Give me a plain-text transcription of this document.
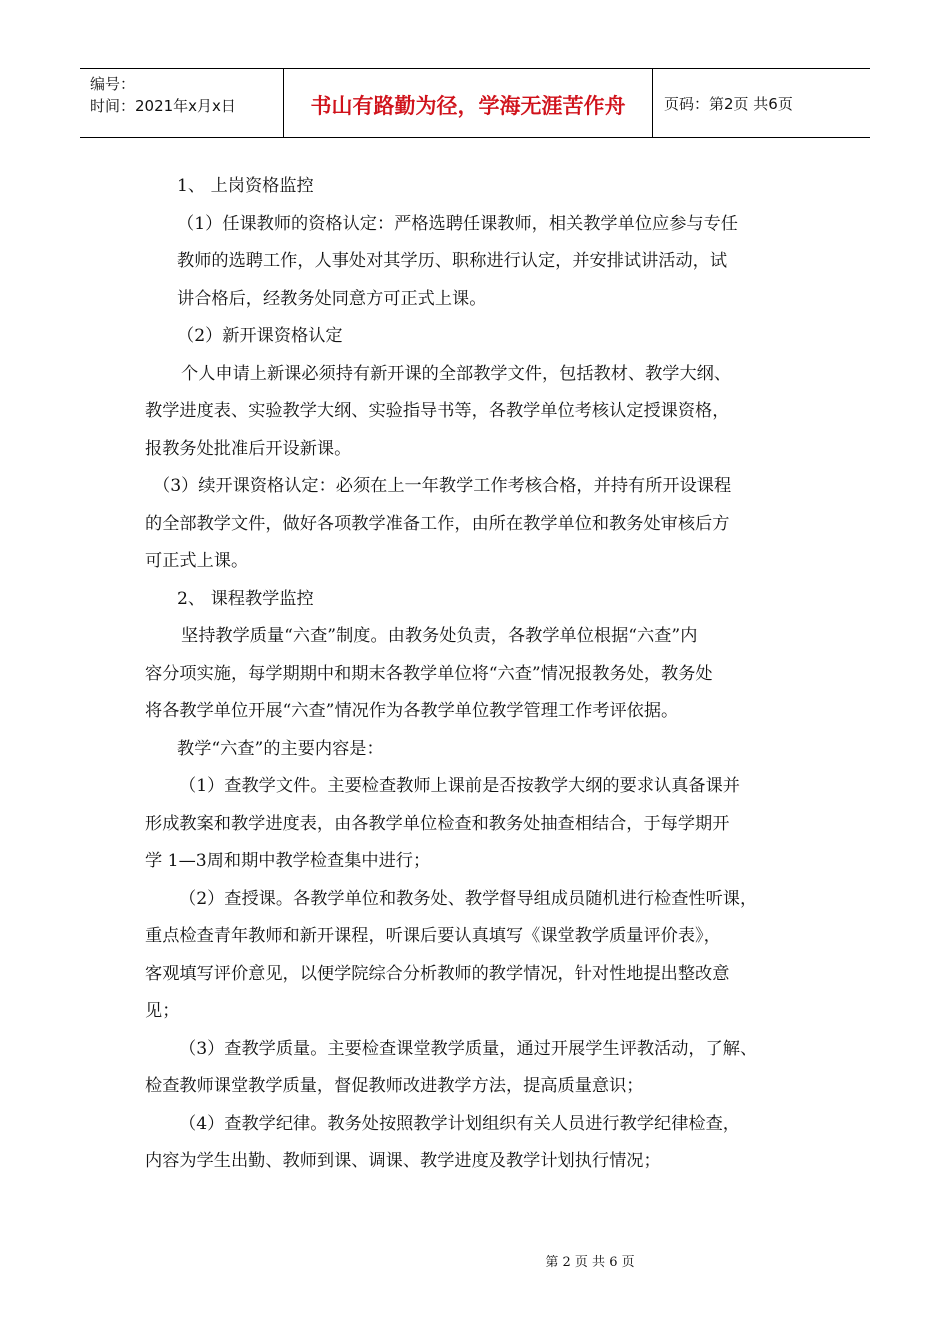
编号：
时间：2021年x月x日	书山有路勤为径，学海无涯苦作舟	页码：第2页 共6页

1、 上岗资格监控

（1）任课教师的资格认定：严格选聘任课教师，相关教学单位应参与专任

教师的选聘工作，人事处对其学历、职称进行认定，并安排试讲活动，试

讲合格后，经教务处同意方可正式上课。

（2）新开课资格认定

个人申请上新课必须持有新开课的全部教学文件，包括教材、教学大纲、

教学进度表、实验教学大纲、实验指导书等，各教学单位考核认定授课资格，

报教务处批准后开设新课。

（3）续开课资格认定：必须在上一年教学工作考核合格，并持有所开设课程

的全部教学文件，做好各项教学准备工作，由所在教学单位和教务处审核后方

可正式上课。

2、 课程教学监控

坚持教学质量“六查”制度。由教务处负责，各教学单位根据“六查”内

容分项实施，每学期期中和期末各教学单位将“六查”情况报教务处，教务处

将各教学单位开展“六查”情况作为各教学单位教学管理工作考评依据。

教学“六查”的主要内容是：

（1）查教学文件。主要检查教师上课前是否按教学大纲的要求认真备课并

形成教案和教学进度表，由各教学单位检查和教务处抽查相结合，于每学期开

学 1—3周和期中教学检查集中进行；

（2）查授课。各教学单位和教务处、教学督导组成员随机进行检查性听课，

重点检查青年教师和新开课程，听课后要认真填写《课堂教学质量评价表》，

客观填写评价意见，以便学院综合分析教师的教学情况，针对性地提出整改意

见；

（3）查教学质量。主要检查课堂教学质量，通过开展学生评教活动，了解、

检查教师课堂教学质量，督促教师改进教学方法，提高质量意识；

（4）查教学纪律。教务处按照教学计划组织有关人员进行教学纪律检查，

内容为学生出勤、教师到课、调课、教学进度及教学计划执行情况；

第 2 页 共 6 页
